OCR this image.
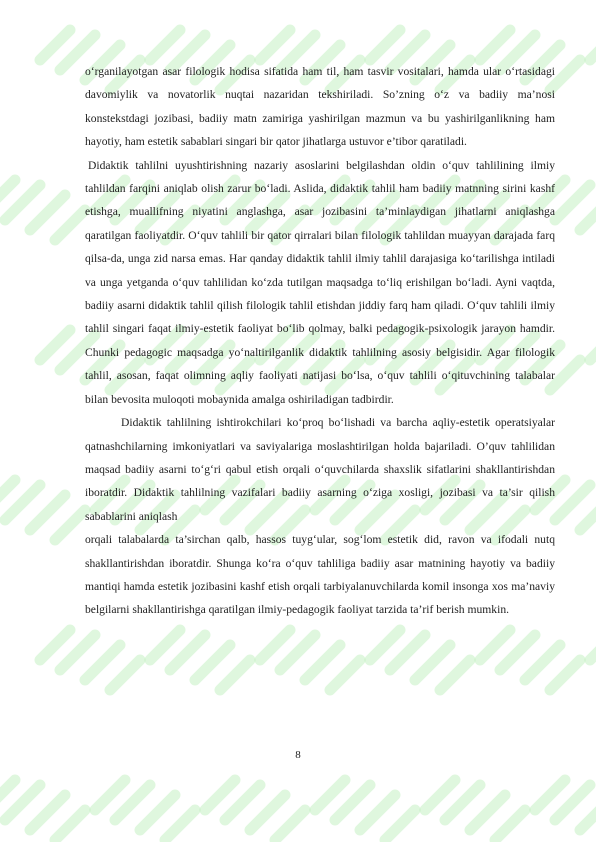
o‘rganilayotgan asar filologik hodisa sifatida ham til, ham tasvir vositalari, hamda ular o‘rtasidagi davomiylik va novatorlik nuqtai nazaridan tekshiriladi. So’zning o‘z va badiiy ma’nosi konstekstdagi jozibasi, badiiy matn zamiriga yashirilgan mazmun va bu yashirilganlikning ham hayotiy, ham estetik sabablari singari bir qator jihatlarga ustuvor e’tibor qaratiladi.

Didaktik tahlilni uyushtirishning nazariy asoslarini belgilashdan oldin o‘quv tahlilining ilmiy tahlildan farqini aniqlab olish zarur bo‘ladi. Aslida, didaktik tahlil ham badiiy matnning sirini kashf etishga, muallifning niyatini anglashga, asar jozibasini ta’minlaydigan jihatlarni aniqlashga qaratilgan faoliyatdir. O‘quv tahlili bir qator qirralari bilan filologik tahlildan muayyan darajada farq qilsa-da, unga zid narsa emas. Har qanday didaktik tahlil ilmiy tahlil darajasiga ko‘tarilishga intiladi va unga yetganda o‘quv tahlilidan ko‘zda tutilgan maqsadga to‘liq erishilgan bo‘ladi. Ayni vaqtda, badiiy asarni didaktik tahlil qilish filologik tahlil etishdan jiddiy farq ham qiladi. O‘quv tahlili ilmiy tahlil singari faqat ilmiy-estetik faoliyat bo‘lib qolmay, balki pedagogik-psixologik jarayon hamdir. Chunki pedagogic maqsadga yo‘naltirilganlik didaktik tahlilning asosiy belgisidir. Agar filologik tahlil, asosan, faqat olimning aqliy faoliyati natijasi bo‘lsa, o‘quv tahlili o‘qituvchining talabalar bilan bevosita muloqoti mobaynida amalga oshiriladigan tadbirdir.

Didaktik tahlilning ishtirokchilari ko‘proq bo‘lishadi va barcha aqliy-estetik operatsiyalar qatnashchilarning imkoniyatlari va saviyalariga moslashtirilgan holda bajariladi. O’quv tahlilidan maqsad badiiy asarni to‘g‘ri qabul etish orqali o‘quvchilarda shaxslik sifatlarini shakllantirishdan iboratdir. Didaktik tahlilning vazifalari badiiy asarning o‘ziga xosligi, jozibasi va ta’sir qilish sabablarini aniqlash

orqali talabalarda ta’sirchan qalb, hassos tuyg‘ular, sog‘lom estetik did, ravon va ifodali nutq shakllantirishdan iboratdir. Shunga ko‘ra o‘quv tahliliga badiiy asar matnining hayotiy va badiiy mantiqi hamda estetik jozibasini kashf etish orqali tarbiyalanuvchilarda komil insonga xos ma’naviy belgilarni shakllantirishga qaratilgan ilmiy-pedagogik faoliyat tarzida ta’rif berish mumkin.

8
